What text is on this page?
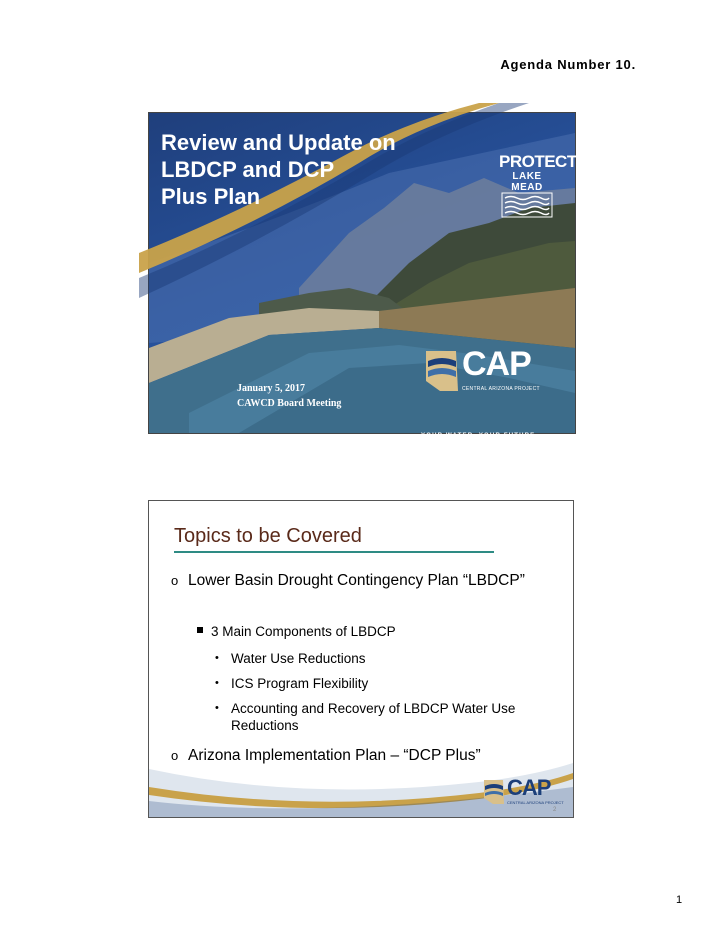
Agenda Number 10.
Review and Update on
LBDCP and DCP
Plus Plan
PROTECT
LAKE MEAD
January 5, 2017
CAWCD Board Meeting
CAP
CENTRAL ARIZONA PROJECT
YOUR WATER. YOUR FUTURE.
Topics to be Covered
o Lower Basin Drought Contingency Plan “LBDCP”
3 Main Components of LBDCP
• Water Use Reductions
• ICS Program Flexibility
• Accounting and Recovery of LBDCP Water Use Reductions
o Arizona Implementation Plan – “DCP Plus”
CAP
CENTRAL ARIZONA PROJECT
2
1
